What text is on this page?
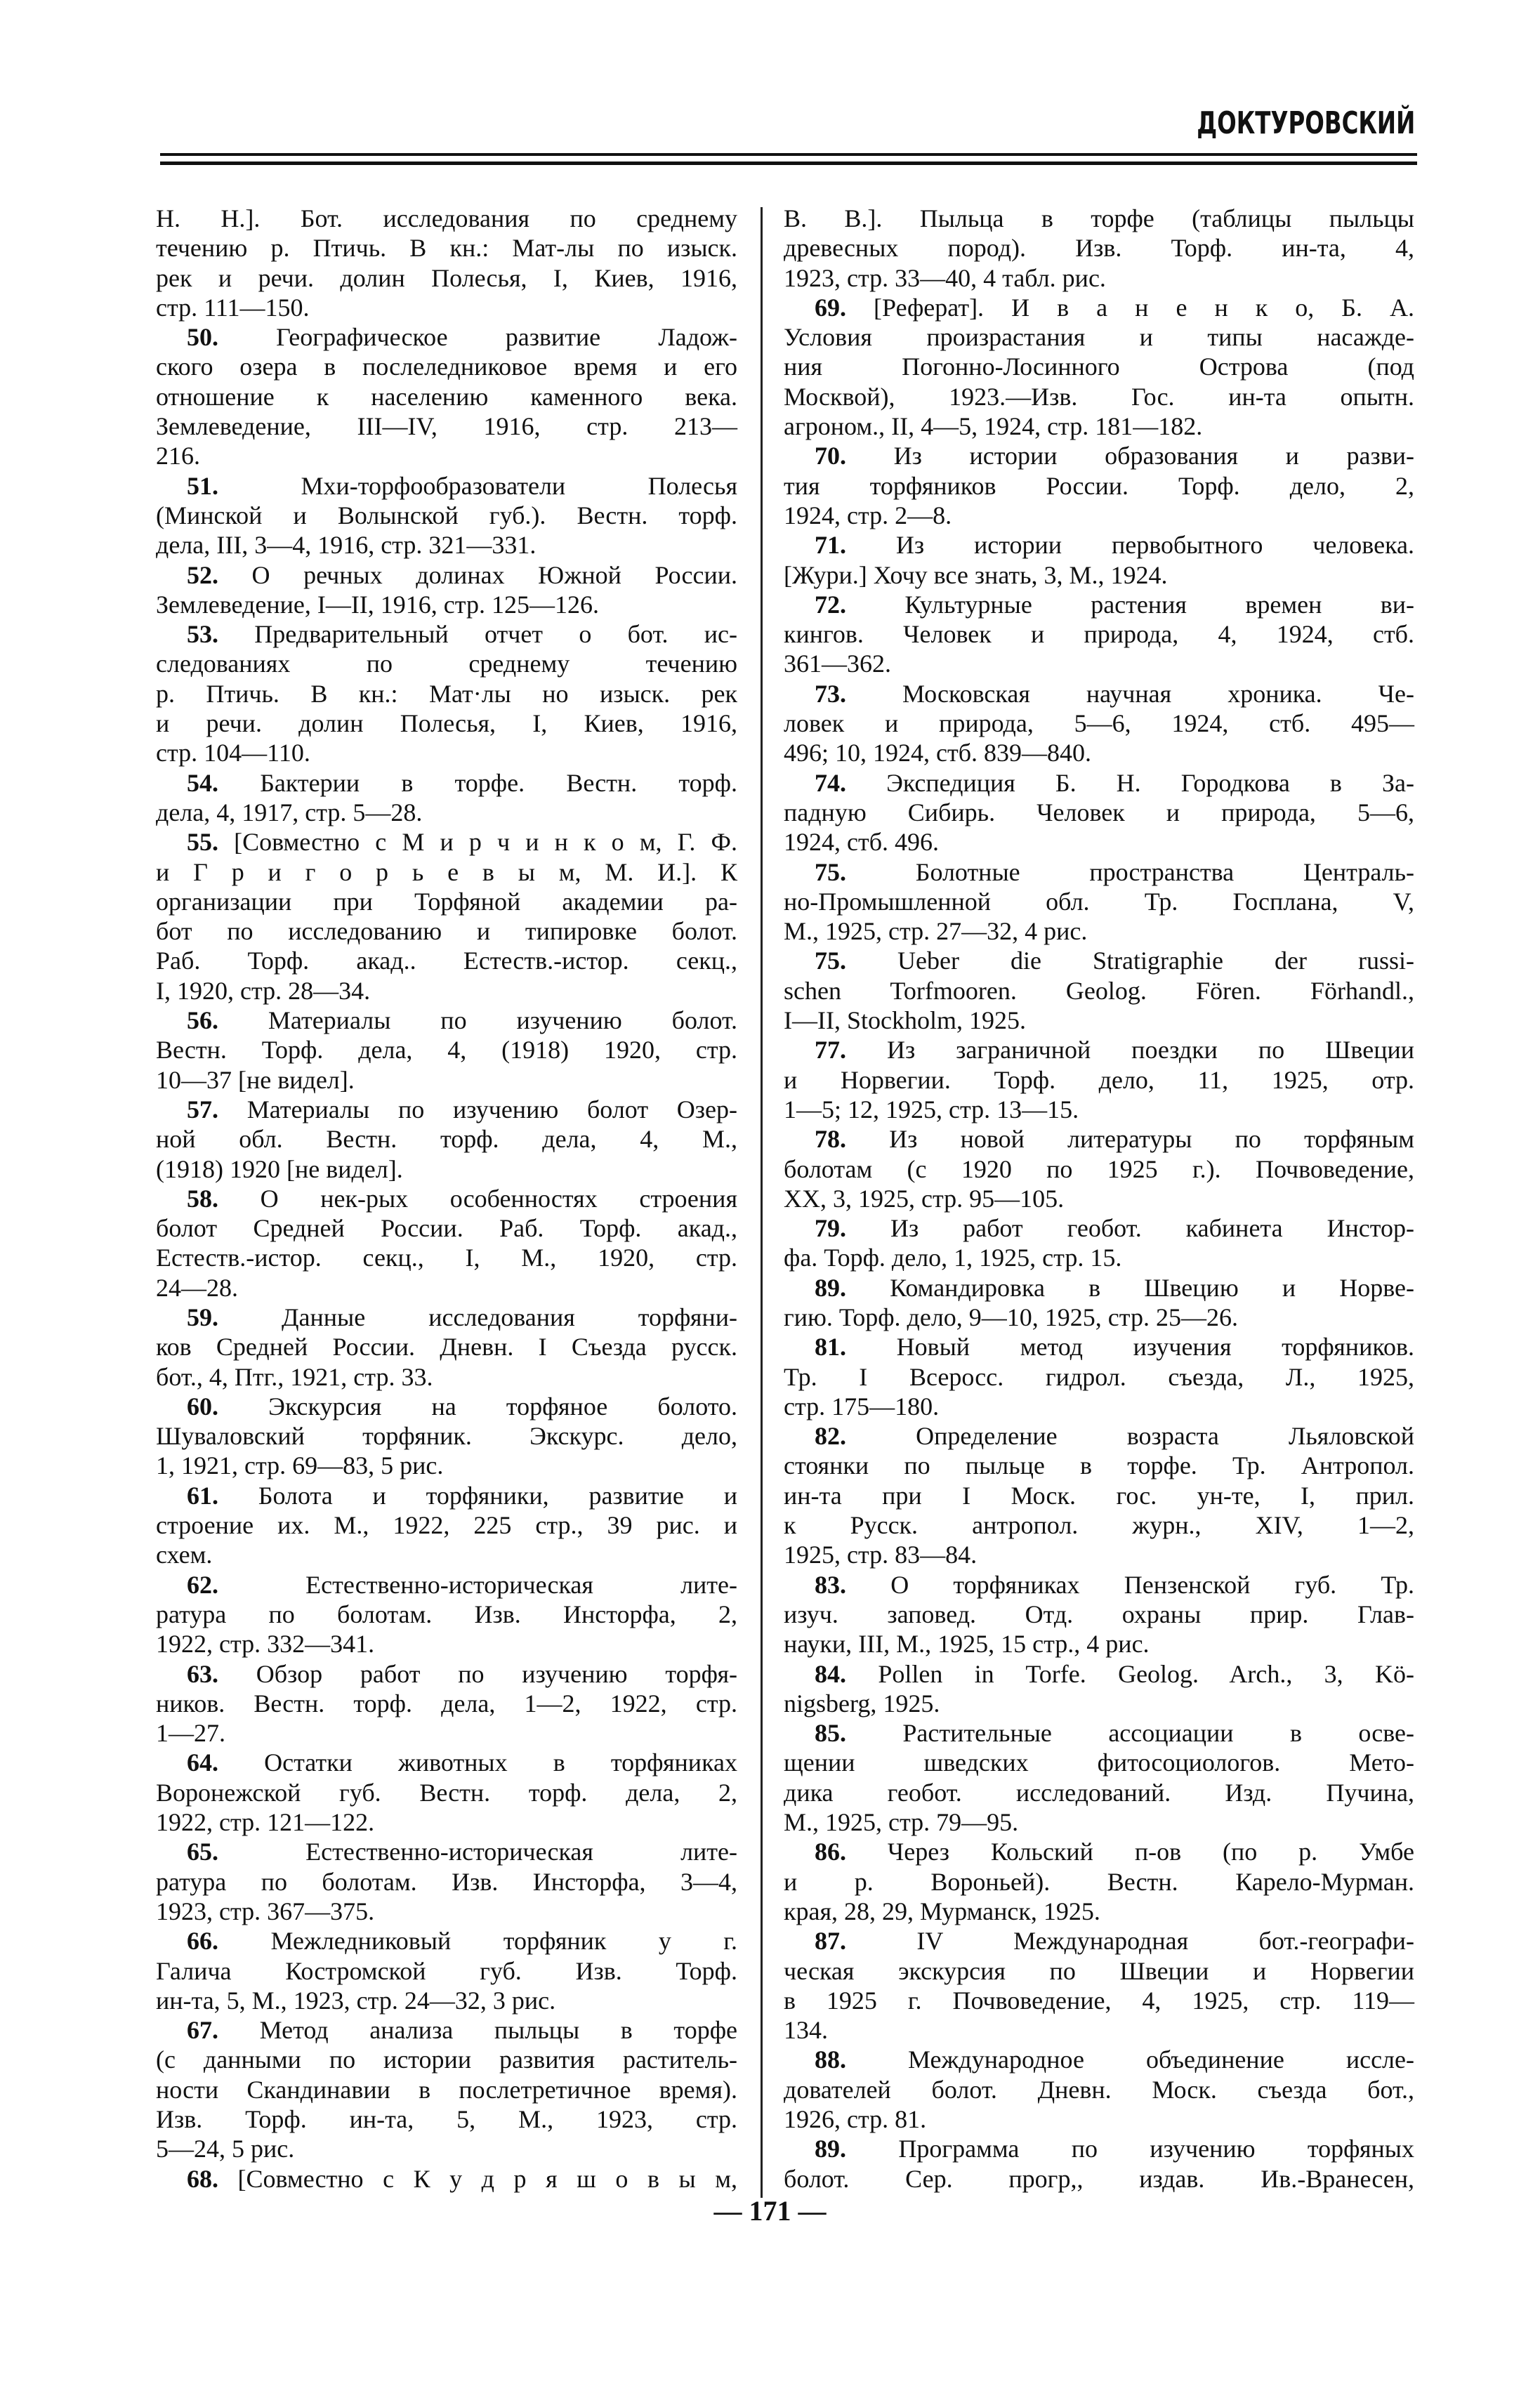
ДОКТУРОВСКИЙ
Н. Н.]. Бот. исследования по среднему
течению р. Птичь. В кн.: Мат-лы по изыск.
рек и речи. долин Полесья, I, Киев, 1916,
стр. 111—150.
50. Географическое развитие Ладож-
ского озера в послеледниковое время и его
отношение к населению каменного века.
Землеведение, III—IV, 1916, стр. 213—
216.
51. Мхи-торфообразователи Полесья
(Минской и Волынской губ.). Вестн. торф.
дела, III, 3—4, 1916, стр. 321—331.
52. О речных долинах Южной России.
Землеведение, I—II, 1916, стр. 125—126.
53. Предварительный отчет о бот. ис-
следованиях по среднему течению
р. Птичь. В кн.: Мат·лы но изыск. рек
и речи. долин Полесья, I, Киев, 1916,
стр. 104—110.
54. Бактерии в торфе. Вестн. торф.
дела, 4, 1917, стр. 5—28.
55. [Совместно с М и р ч и н к о м, Г. Ф.
и Г р и г о р ь е в ы м, М. И.]. К
организации при Торфяной академии ра-
бот по исследованию и типировке болот.
Раб. Торф. акад.. Естеств.-истор. секц.,
I, 1920, стр. 28—34.
56. Материалы по изучению болот.
Вестн. Торф. дела, 4, (1918) 1920, стр.
10—37 [не видел].
57. Материалы по изучению болот Озер-
ной обл. Вестн. торф. дела, 4, М.,
(1918) 1920 [не видел].
58. О нек-рых особенностях строения
болот Средней России. Раб. Торф. акад.,
Естеств.-истор. секц., I, М., 1920, стр.
24—28.
59. Данные исследования торфяни-
ков Средней России. Дневн. I Съезда русск.
бот., 4, Птг., 1921, стр. 33.
60. Экскурсия на торфяное болото.
Шуваловский торфяник. Экскурс. дело,
1, 1921, стр. 69—83, 5 рис.
61. Болота и торфяники, развитие и
строение их. М., 1922, 225 стр., 39 рис. и
схем.
62. Естественно-историческая лите-
ратура по болотам. Изв. Инсторфа, 2,
1922, стр. 332—341.
63. Обзор работ по изучению торфя-
ников. Вестн. торф. дела, 1—2, 1922, стр.
1—27.
64. Остатки животных в торфяниках
Воронежской губ. Вестн. торф. дела, 2,
1922, стр. 121—122.
65. Естественно-историческая лите-
ратура по болотам. Изв. Инсторфа, 3—4,
1923, стр. 367—375.
66. Межледниковый торфяник у г.
Галича Костромской губ. Изв. Торф.
ин-та, 5, М., 1923, стр. 24—32, 3 рис.
67. Метод анализа пыльцы в торфе
(с данными по истории развития раститель-
ности Скандинавии в послетретичное время).
Изв. Торф. ин-та, 5, М., 1923, стр.
5—24, 5 рис.
68. [Совместно с К у д р я ш о в ы м,
В. В.]. Пыльца в торфе (таблицы пыльцы
древесных пород). Изв. Торф. ин-та, 4,
1923, стр. 33—40, 4 табл. рис.
69. [Реферат]. И в а н е н к о, Б. А.
Условия произрастания и типы насажде-
ния Погонно-Лосинного Острова (под
Москвой), 1923.—Изв. Гос. ин-та опытн.
агроном., II, 4—5, 1924, стр. 181—182.
70. Из истории образования и разви-
тия торфяников России. Торф. дело, 2,
1924, стр. 2—8.
71. Из истории первобытного человека.
[Жури.] Хочу все знать, 3, М., 1924.
72. Культурные растения времен ви-
кингов. Человек и природа, 4, 1924, стб.
361—362.
73. Московская научная хроника. Че-
ловек и природа, 5—6, 1924, стб. 495—
496; 10, 1924, стб. 839—840.
74. Экспедиция Б. Н. Городкова в За-
падную Сибирь. Человек и природа, 5—6,
1924, стб. 496.
75. Болотные пространства Централь-
но-Промышленной обл. Тр. Госплана, V,
М., 1925, стр. 27—32, 4 рис.
75. Ueber die Stratigraphie der russi-
schen Torfmooren. Geolog. Fören. Förhandl.,
I—II, Stockholm, 1925.
77. Из заграничной поездки по Швеции
и Норвегии. Торф. дело, 11, 1925, отр.
1—5; 12, 1925, стр. 13—15.
78. Из новой литературы по торфяным
болотам (с 1920 по 1925 г.). Почвоведение,
XX, 3, 1925, стр. 95—105.
79. Из работ геобот. кабинета Инстор-
фа. Торф. дело, 1, 1925, стр. 15.
89. Командировка в Швецию и Норве-
гию. Торф. дело, 9—10, 1925, стр. 25—26.
81. Новый метод изучения торфяников.
Тр. I Всеросс. гидрол. съезда, Л., 1925,
стр. 175—180.
82. Определение возраста Льяловской
стоянки по пыльце в торфе. Тр. Антропол.
ин-та при I Моск. гос. ун-те, I, прил.
к Русск. антропол. журн., XIV, 1—2,
1925, стр. 83—84.
83. О торфяниках Пензенской губ. Тр.
изуч. заповед. Отд. охраны прир. Глав-
науки, III, М., 1925, 15 стр., 4 рис.
84. Pollen in Torfe. Geolog. Arch., 3, Kö-
nigsberg, 1925.
85. Растительные ассоциации в осве-
щении шведских фитосоциологов. Мето-
дика геобот. исследований. Изд. Пучина,
М., 1925, стр. 79—95.
86. Через Кольский п-ов (по р. Умбе
и р. Вороньей). Вестн. Карело-Мурман.
края, 28, 29, Мурманск, 1925.
87. IV Международная бот.-географи-
ческая экскурсия по Швеции и Норвегии
в 1925 г. Почвоведение, 4, 1925, стр. 119—
134.
88. Международное объединение иссле-
дователей болот. Дневн. Моск. съезда бот.,
1926, стр. 81.
89. Программа по изучению торфяных
болот. Сер. прогр,, издав. Ив.-Вранесен,
— 171 —
